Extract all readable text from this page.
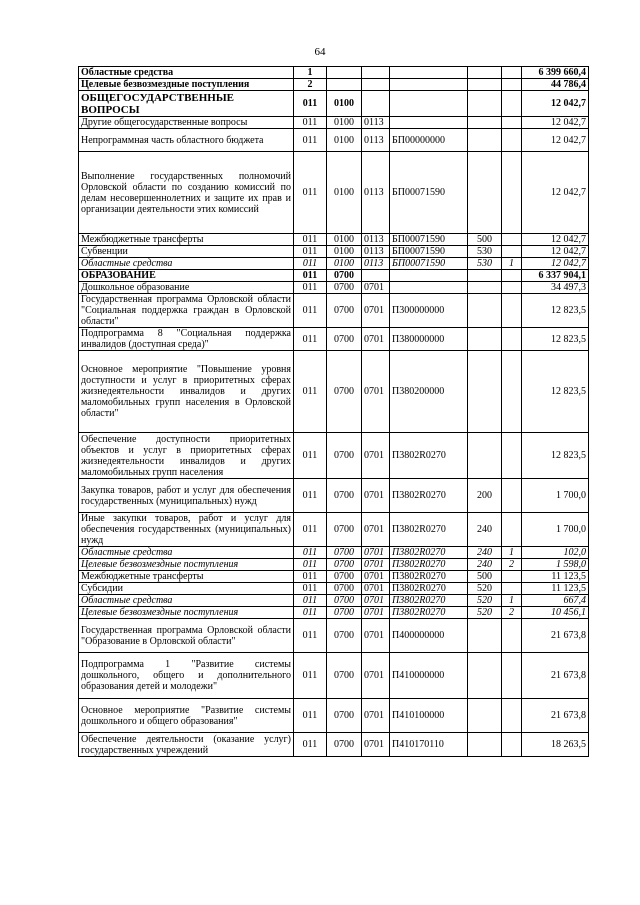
64
Областные средства	1						6 399 660,4
Целевые безвозмездные поступления	2						44 786,4
ОБЩЕГОСУДАРСТВЕННЫЕ ВОПРОСЫ	011	0100					12 042,7
Другие общегосударственные вопросы	011	0100	0113				12 042,7
Непрограммная часть областного бюджета	011	0100	0113	БП00000000			12 042,7
Выполнение государственных полномочий Орловской области по созданию комиссий по делам несовершеннолетних и защите их прав и организации деятельности этих комиссий	011	0100	0113	БП00071590			12 042,7
Межбюджетные трансферты	011	0100	0113	БП00071590	500		12 042,7
Субвенции	011	0100	0113	БП00071590	530		12 042,7
Областные средства	011	0100	0113	БП00071590	530	1	12 042,7
ОБРАЗОВАНИЕ	011	0700					6 337 904,1
Дошкольное образование	011	0700	0701				34 497,3
Государственная программа Орловской области "Социальная поддержка граждан в Орловской области"	011	0700	0701	П300000000			12 823,5
Подпрограмма 8 "Социальная поддержка инвалидов (доступная среда)"	011	0700	0701	П380000000			12 823,5
Основное мероприятие "Повышение уровня доступности и услуг в приоритетных сферах жизнедеятельности инвалидов и других маломобильных групп населения в Орловской области"	011	0700	0701	П380200000			12 823,5
Обеспечение доступности приоритетных объектов и услуг в приоритетных сферах жизнедеятельности инвалидов и других маломобильных групп населения	011	0700	0701	П3802R0270			12 823,5
Закупка товаров, работ и услуг для обеспечения государственных (муниципальных) нужд	011	0700	0701	П3802R0270	200		1 700,0
Иные закупки товаров, работ и услуг для обеспечения государственных (муниципальных) нужд	011	0700	0701	П3802R0270	240		1 700,0
Областные средства	011	0700	0701	П3802R0270	240	1	102,0
Целевые безвозмездные поступления	011	0700	0701	П3802R0270	240	2	1 598,0
Межбюджетные трансферты	011	0700	0701	П3802R0270	500		11 123,5
Субсидии	011	0700	0701	П3802R0270	520		11 123,5
Областные средства	011	0700	0701	П3802R0270	520	1	667,4
Целевые безвозмездные поступления	011	0700	0701	П3802R0270	520	2	10 456,1
Государственная программа Орловской области "Образование в Орловской области"	011	0700	0701	П400000000			21 673,8
Подпрограмма 1 "Развитие системы дошкольного, общего и дополнительного образования детей и молодежи"	011	0700	0701	П410000000			21 673,8
Основное мероприятие "Развитие системы дошкольного и общего образования"	011	0700	0701	П410100000			21 673,8
Обеспечение деятельности (оказание услуг) государственных учреждений	011	0700	0701	П410170110			18 263,5
